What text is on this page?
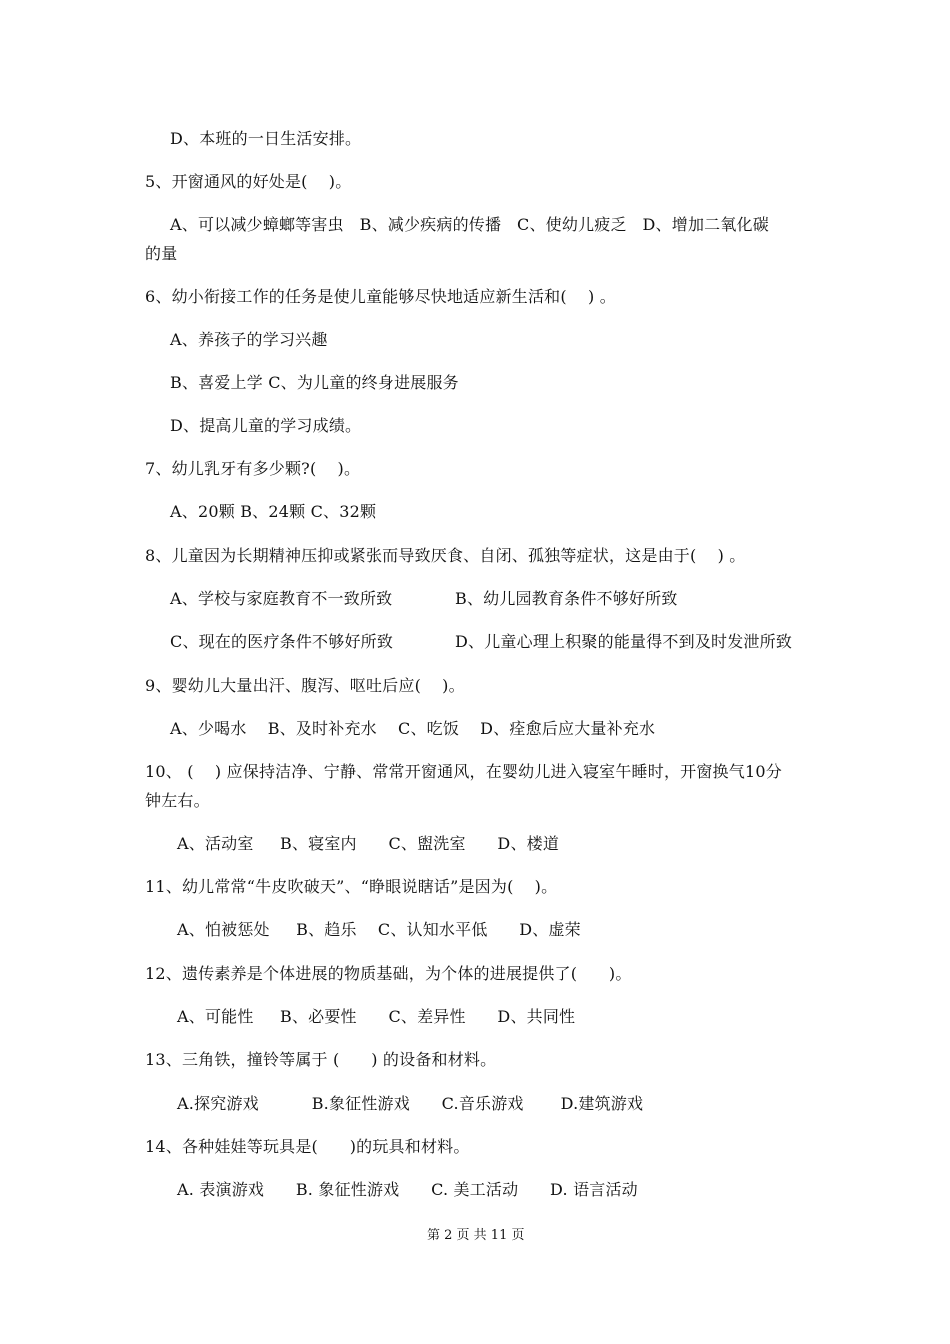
D、本班的一日生活安排。
5、开窗通风的好处是(    )。
A、可以减少蟑螂等害虫   B、减少疾病的传播   C、使幼儿疲乏   D、增加二氧化碳
的量
6、幼小衔接工作的任务是使儿童能够尽快地适应新生活和(    ) 。
A、养孩子的学习兴趣
B、喜爱上学 C、为儿童的终身进展服务
D、提高儿童的学习成绩。
7、幼儿乳牙有多少颗?(    )。
A、20颗 B、24颗 C、32颗
8、儿童因为长期精神压抑或紧张而导致厌食、自闭、孤独等症状，这是由于(    ) 。
A、学校与家庭教育不一致所致	B、幼儿园教育条件不够好所致
C、现在的医疗条件不够好所致	D、儿童心理上积聚的能量得不到及时发泄所致
9、婴幼儿大量出汗、腹泻、呕吐后应(    )。
A、少喝水    B、及时补充水    C、吃饭    D、痊愈后应大量补充水
10、 (    ) 应保持洁净、宁静、常常开窗通风，在婴幼儿进入寝室午睡时，开窗换气10分
钟左右。
A、活动室     B、寝室内      C、盥洗室      D、楼道
11、幼儿常常“牛皮吹破天”、“睁眼说瞎话”是因为(    )。
A、怕被惩处     B、趋乐    C、认知水平低      D、虚荣
12、遗传素养是个体进展的物质基础，为个体的进展提供了(      )。
A、可能性     B、必要性      C、差异性      D、共同性
13、三角铁，撞铃等属于 (      ) 的设备和材料。
A.探究游戏          B.象征性游戏      C.音乐游戏       D.建筑游戏
14、各种娃娃等玩具是(      )的玩具和材料。
A. 表演游戏      B. 象征性游戏      C. 美工活动      D. 语言活动
第 2 页 共 11 页
